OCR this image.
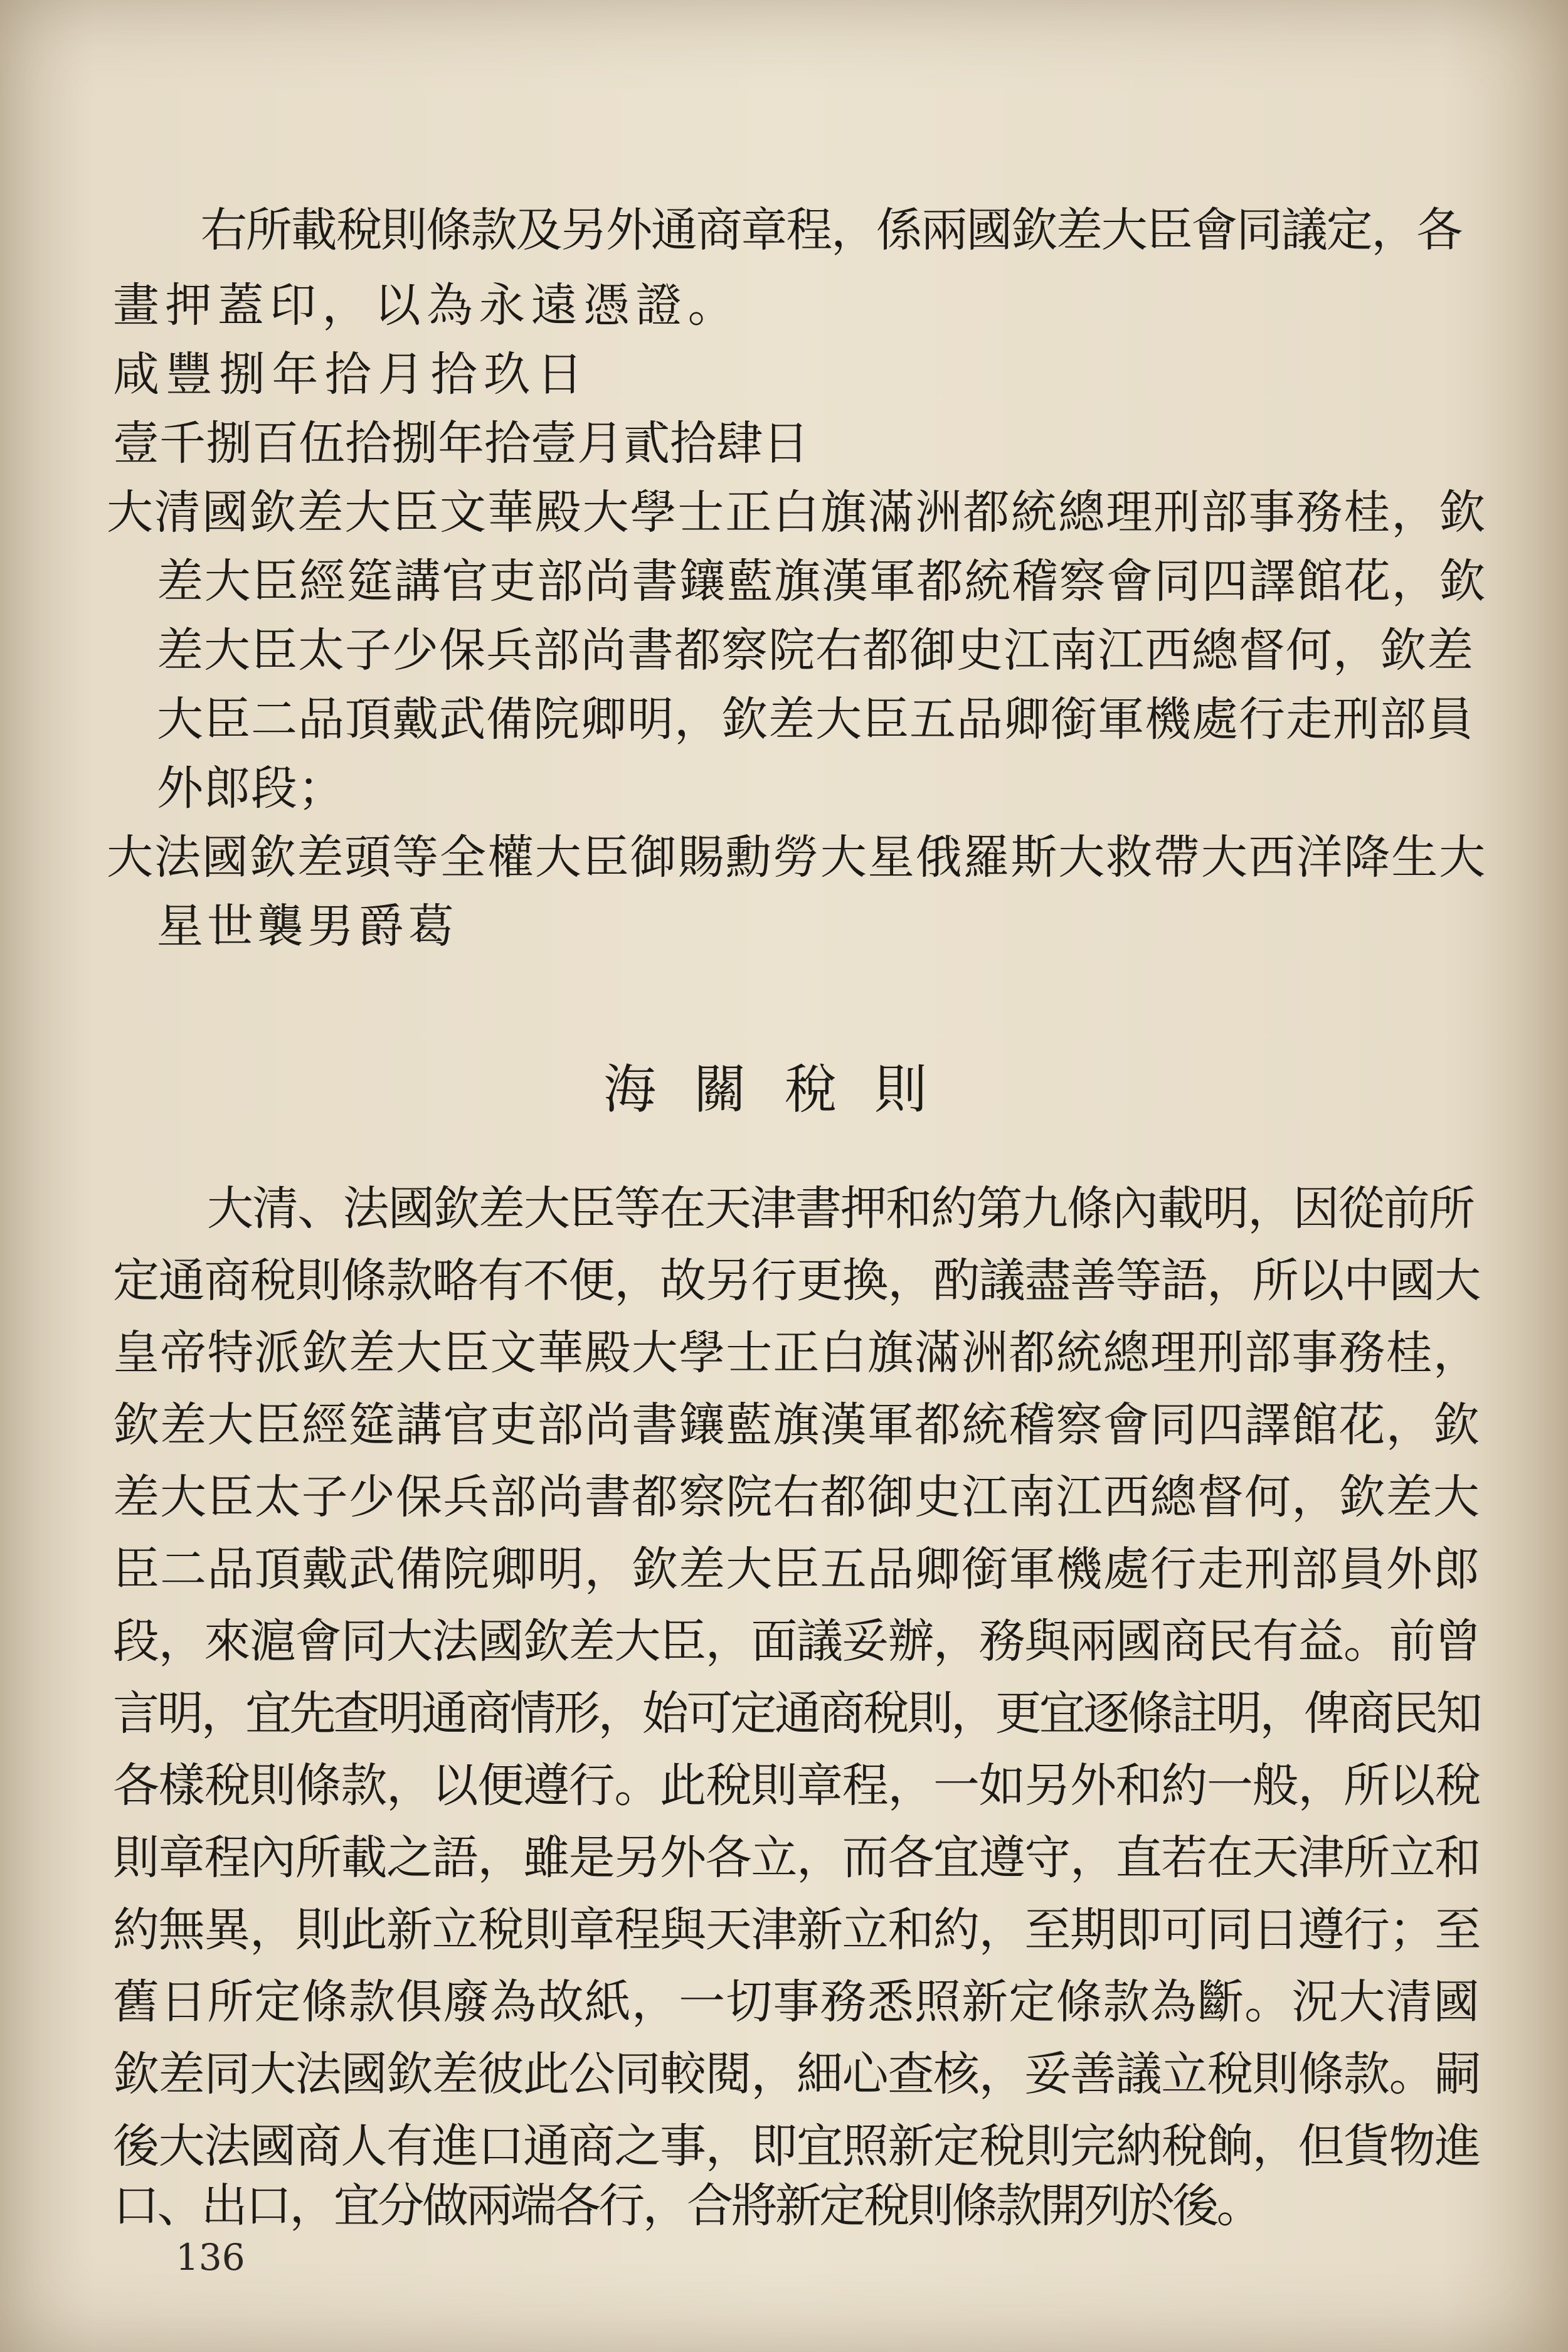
右所載稅則條款及另外通商章程，係兩國欽差大臣會同議定，各
畫押蓋印，以為永遠憑證。
咸豐捌年拾月拾玖日
壹千捌百伍拾捌年拾壹月貳拾肆日
大清國欽差大臣文華殿大學士正白旗滿洲都統總理刑部事務桂，欽
差大臣經筵講官吏部尚書鑲藍旗漢軍都統稽察會同四譯館花，欽
差大臣太子少保兵部尚書都察院右都御史江南江西總督何，欽差
大臣二品頂戴武備院卿明，欽差大臣五品卿銜軍機處行走刑部員
外郎段；
大法國欽差頭等全權大臣御賜勳勞大星俄羅斯大救帶大西洋降生大
星世襲男爵葛
海關稅則
大清、法國欽差大臣等在天津書押和約第九條內載明，因從前所
定通商稅則條款略有不便，故另行更換，酌議盡善等語，所以中國大
皇帝特派欽差大臣文華殿大學士正白旗滿洲都統總理刑部事務桂，
欽差大臣經筵講官吏部尚書鑲藍旗漢軍都統稽察會同四譯館花，欽
差大臣太子少保兵部尚書都察院右都御史江南江西總督何，欽差大
臣二品頂戴武備院卿明，欽差大臣五品卿銜軍機處行走刑部員外郎
段，來滬會同大法國欽差大臣，面議妥辦，務與兩國商民有益。前曾
言明，宜先查明通商情形，始可定通商稅則，更宜逐條註明，俾商民知
各樣稅則條款，以便遵行。此稅則章程，一如另外和約一般，所以稅
則章程內所載之語，雖是另外各立，而各宜遵守，直若在天津所立和
約無異，則此新立稅則章程與天津新立和約，至期即可同日遵行；至
舊日所定條款俱廢為故紙，一切事務悉照新定條款為斷。況大清國
欽差同大法國欽差彼此公同較閱，細心查核，妥善議立稅則條款。嗣
後大法國商人有進口通商之事，即宜照新定稅則完納稅餉，但貨物進
口、出口，宜分做兩端各行，合將新定稅則條款開列於後。
136
